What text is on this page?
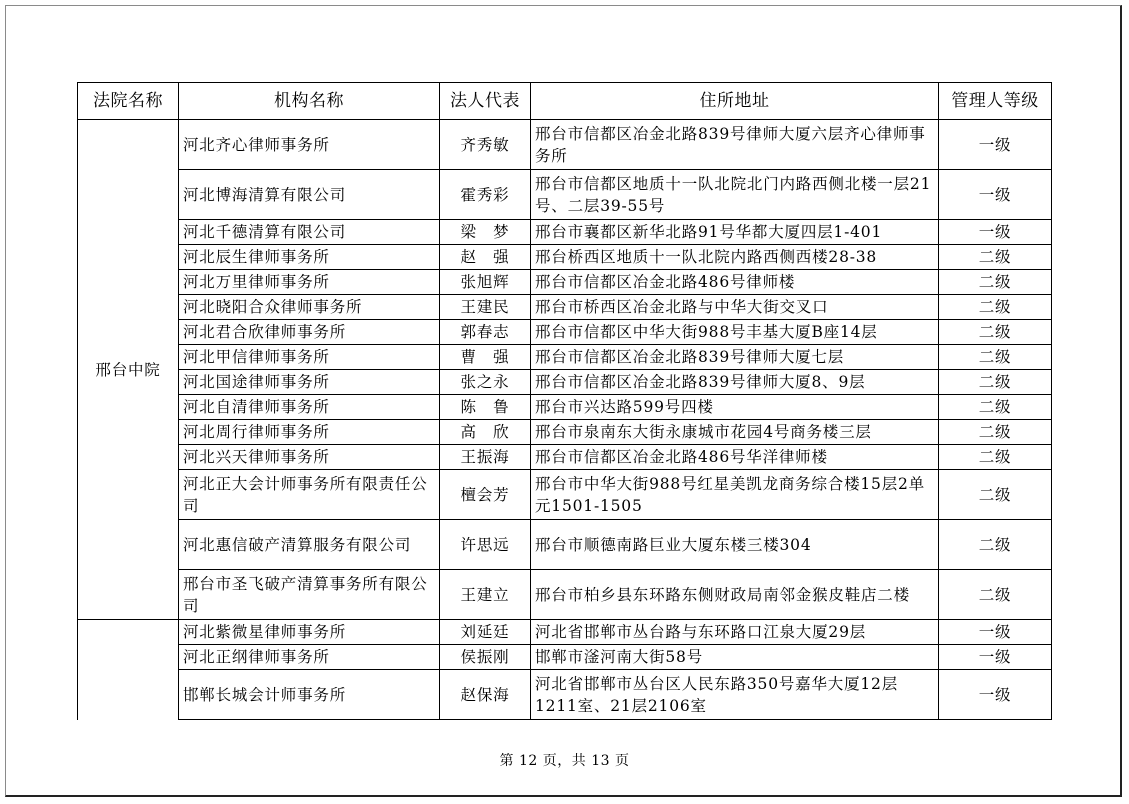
法院名称	机构名称	法人代表	住所地址	管理人等级
邢台中院	河北齐心律师事务所	齐秀敏	邢台市信都区冶金北路839号律师大厦六层齐心律师事务所	一级
	河北博海清算有限公司	霍秀彩	邢台市信都区地质十一队北院北门内路西侧北楼一层21号、二层39-55号	一级
	河北千德清算有限公司	梁　梦	邢台市襄都区新华北路91号华都大厦四层1-401	一级
	河北辰生律师事务所	赵　强	邢台桥西区地质十一队北院内路西侧西楼28-38	二级
	河北万里律师事务所	张旭辉	邢台市信都区冶金北路486号律师楼	二级
	河北晓阳合众律师事务所	王建民	邢台市桥西区冶金北路与中华大街交叉口	二级
	河北君合欣律师事务所	郭春志	邢台市信都区中华大街988号丰基大厦B座14层	二级
	河北甲信律师事务所	曹　强	邢台市信都区冶金北路839号律师大厦七层	二级
	河北国途律师事务所	张之永	邢台市信都区冶金北路839号律师大厦8、9层	二级
	河北自清律师事务所	陈　鲁	邢台市兴达路599号四楼	二级
	河北周行律师事务所	高　欣	邢台市泉南东大街永康城市花园4号商务楼三层	二级
	河北兴天律师事务所	王振海	邢台市信都区冶金北路486号华洋律师楼	二级
	河北正大会计师事务所有限责任公司	檀会芳	邢台市中华大街988号红星美凯龙商务综合楼15层2单元1501-1505	二级
	河北惠信破产清算服务有限公司	许思远	邢台市顺德南路巨业大厦东楼三楼304	二级
	邢台市圣飞破产清算事务所有限公司	王建立	邢台市柏乡县东环路东侧财政局南邻金猴皮鞋店二楼	二级
	河北紫微星律师事务所	刘延廷	河北省邯郸市丛台路与东环路口江泉大厦29层	一级
	河北正纲律师事务所	侯振刚	邯郸市滏河南大街58号	一级
	邯郸长城会计师事务所	赵保海	河北省邯郸市丛台区人民东路350号嘉华大厦12层1211室、21层2106室	一级
第 12 页，共 13 页
